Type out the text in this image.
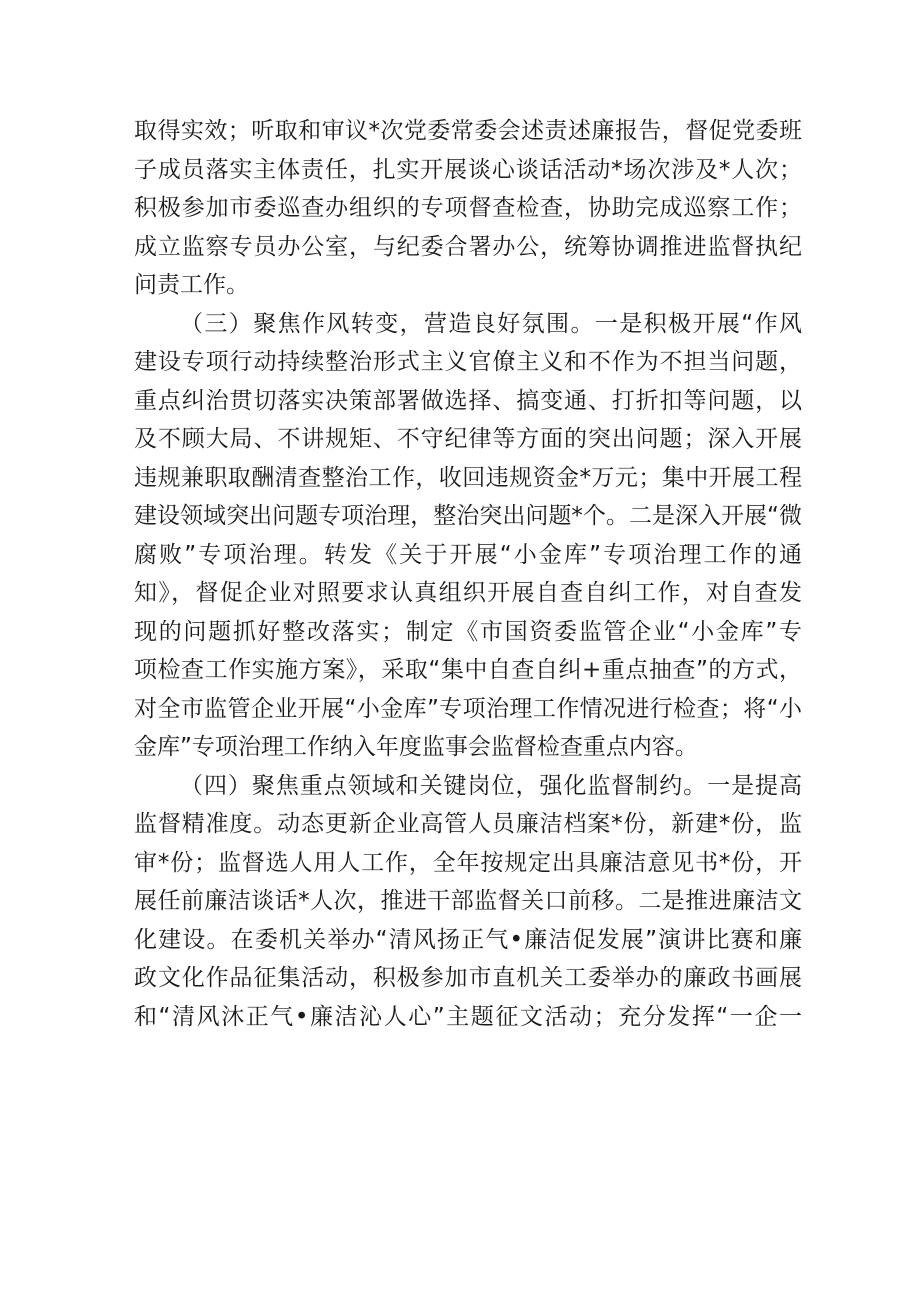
取得实效；听取和审议*次党委常委会述责述廉报告，督促党委班
子成员落实主体责任，扎实开展谈心谈话活动*场次涉及*人次；
积极参加市委巡查办组织的专项督查检查，协助完成巡察工作；
成立监察专员办公室，与纪委合署办公，统筹协调推进监督执纪
问责工作。
（三）聚焦作风转变，营造良好氛围。一是积极开展“作风
建设专项行动持续整治形式主义官僚主义和不作为不担当问题，
重点纠治贯切落实决策部署做选择、搞变通、打折扣等问题，以
及不顾大局、不讲规矩、不守纪律等方面的突出问题；深入开展
违规兼职取酬清查整治工作，收回违规资金*万元；集中开展工程
建设领域突出问题专项治理，整治突出问题*个。二是深入开展“微
腐败”专项治理。转发《关于开展“小金库”专项治理工作的通
知》，督促企业对照要求认真组织开展自查自纠工作，对自查发
现的问题抓好整改落实；制定《市国资委监管企业“小金库”专
项检查工作实施方案》，采取“集中自查自纠+重点抽查”的方式，
对全市监管企业开展“小金库”专项治理工作情况进行检查；将“小
金库”专项治理工作纳入年度监事会监督检查重点内容。
（四）聚焦重点领域和关键岗位，强化监督制约。一是提高
监督精准度。动态更新企业高管人员廉洁档案*份，新建*份，监
审*份；监督选人用人工作，全年按规定出具廉洁意见书*份，开
展任前廉洁谈话*人次，推进干部监督关口前移。二是推进廉洁文
化建设。在委机关举办“清风扬正气•廉洁促发展”演讲比赛和廉
政文化作品征集活动，积极参加市直机关工委举办的廉政书画展
和“清风沐正气•廉洁沁人心”主题征文活动；充分发挥“一企一
